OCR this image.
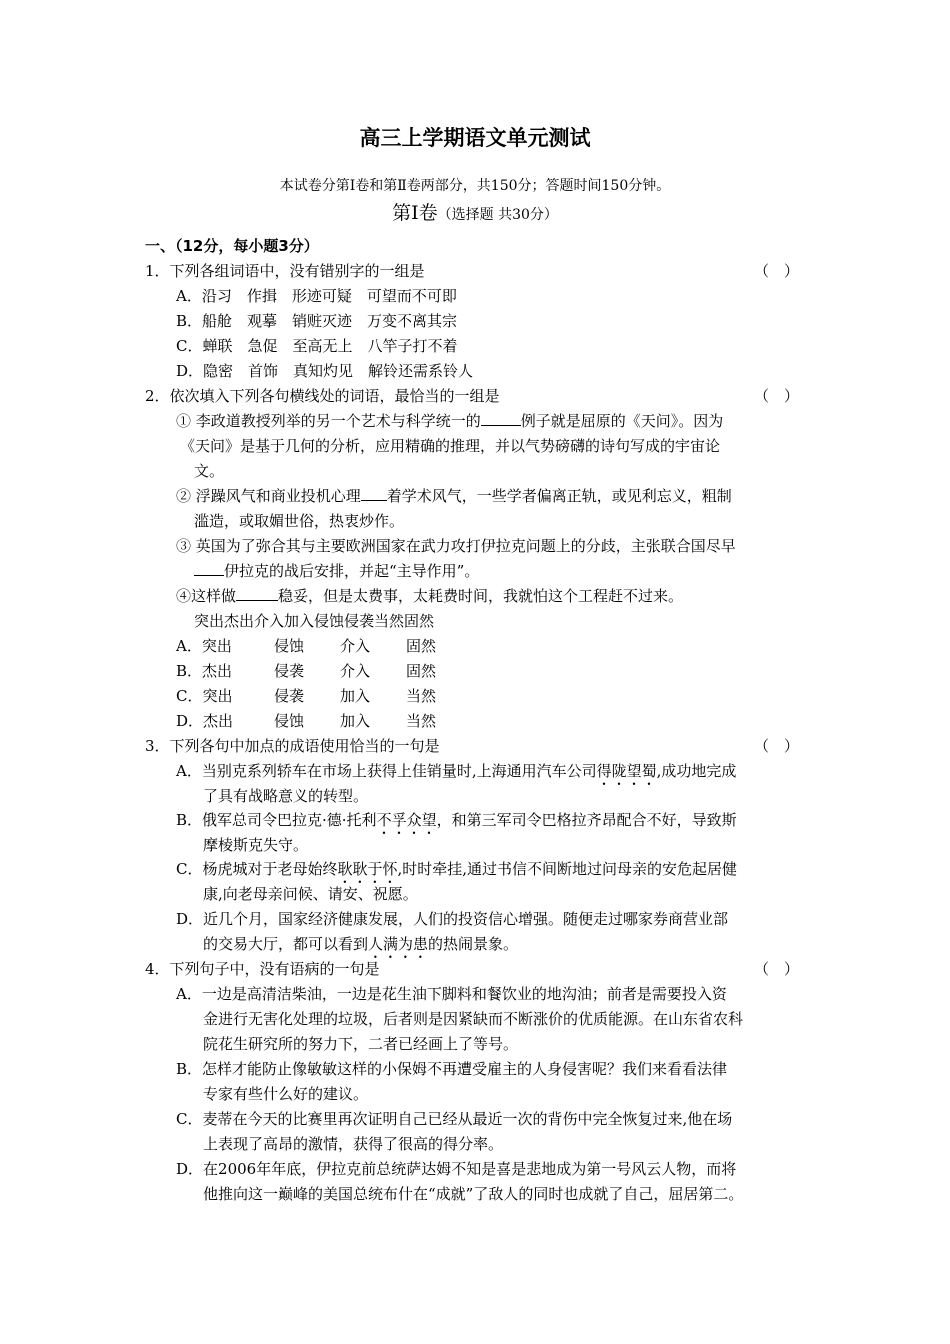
高三上学期语文单元测试
本试卷分第Ⅰ卷和第Ⅱ卷两部分，共150分；答题时间150分钟。
第Ⅰ卷（选择题 共30分）
一、（12分，每小题3分）
1．下列各组词语中，没有错别字的一组是	（　）
A．沿习　作揖　形迹可疑　可望而不可即
B．船舱　观摹　销赃灭迹　万变不离其宗
C．蝉联　急促　至高无上　八竿子打不着
D．隐密　首饰　真知灼见　解铃还需系铃人
2．依次填入下列各句横线处的词语，最恰当的一组是	（　）
① 李政道教授列举的另一个艺术与科学统一的	例子就是屈原的《天问》。因为
《天问》是基于几何的分析，应用精确的推理，并以气势磅礴的诗句写成的宇宙论
文。
② 浮躁风气和商业投机心理 着学术风气，一些学者偏离正轨，或见利忘义，粗制
滥造，或取媚世俗，热衷炒作。
③ 英国为了弥合其与主要欧洲国家在武力攻打伊拉克问题上的分歧，主张联合国尽早
伊拉克的战后安排，并起“主导作用”。
④这样做	稳妥，但是太费事，太耗费时间，我就怕这个工程赶不过来。
突出杰出介入加入侵蚀侵袭当然固然
A．突出	侵蚀 介入 固然
B．杰出	侵袭 介入 固然
C．突出	侵袭 加入 当然
D．杰出	侵蚀 加入 当然
3．下列各句中加点的成语使用恰当的一句是	（　）
A．当别克系列轿车在市场上获得上佳销量时,上海通用汽车公司得陇望蜀,成功地完成
了具有战略意义的转型。
B．俄军总司令巴拉克·德·托利不孚众望，和第三军司令巴格拉齐昂配合不好，导致斯
摩棱斯克失守。
C．杨虎城对于老母始终耿耿于怀,时时牵挂,通过书信不间断地过问母亲的安危起居健
康,向老母亲问候、请安、祝愿。
D．近几个月，国家经济健康发展，人们的投资信心增强。随便走过哪家券商营业部
的交易大厅，都可以看到人满为患的热闹景象。
4．下列句子中，没有语病的一句是	（　）
A．一边是高清洁柴油，一边是花生油下脚料和餐饮业的地沟油；前者是需要投入资
金进行无害化处理的垃圾，后者则是因紧缺而不断涨价的优质能源。在山东省农科
院花生研究所的努力下，二者已经画上了等号。
B．怎样才能防止像敏敏这样的小保姆不再遭受雇主的人身侵害呢？我们来看看法律
专家有些什么好的建议。
C．麦蒂在今天的比赛里再次证明自己已经从最近一次的背伤中完全恢复过来,他在场
上表现了高昂的激情，获得了很高的得分率。
D．在2006年年底，伊拉克前总统萨达姆不知是喜是悲地成为第一号风云人物，而将
他推向这一巅峰的美国总统布什在“成就”了敌人的同时也成就了自己，屈居第二。
